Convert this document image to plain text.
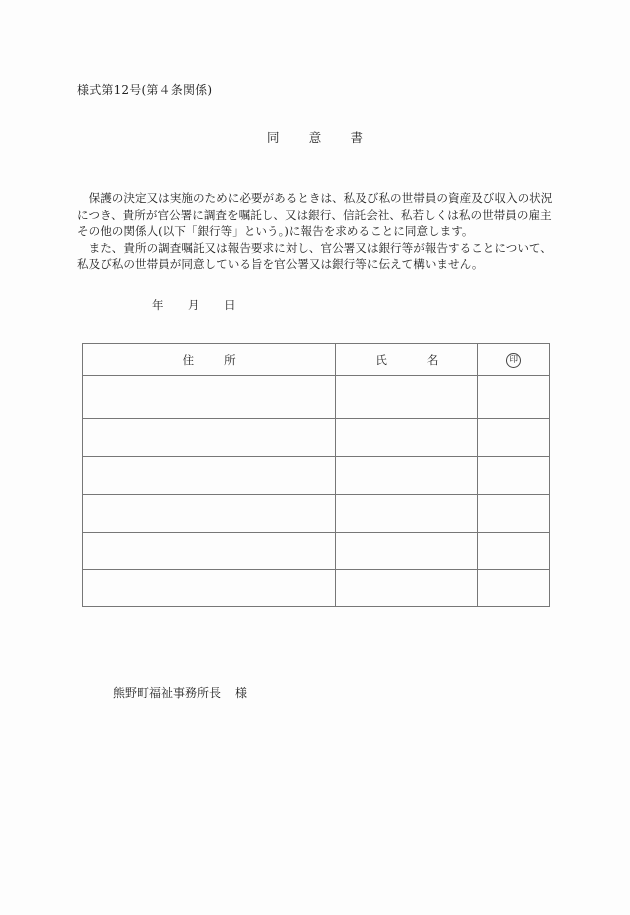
様式第12号(第４条関係)
同 意 書

保護の決定又は実施のために必要があるときは、私及び私の世帯員の資産及び収入の状況につき、貴所が官公署に調査を嘱託し、又は銀行、信託会社、私若しくは私の世帯員の雇主その他の関係人(以下「銀行等」という。)に報告を求めることに同意します。

また、貴所の調査嘱託又は報告要求に対し、官公署又は銀行等が報告することについて、私及び私の世帯員が同意している旨を官公署又は銀行等に伝えて構いません。

年	月	日
住 所	氏 名	印

熊野町福祉事務所長 様
